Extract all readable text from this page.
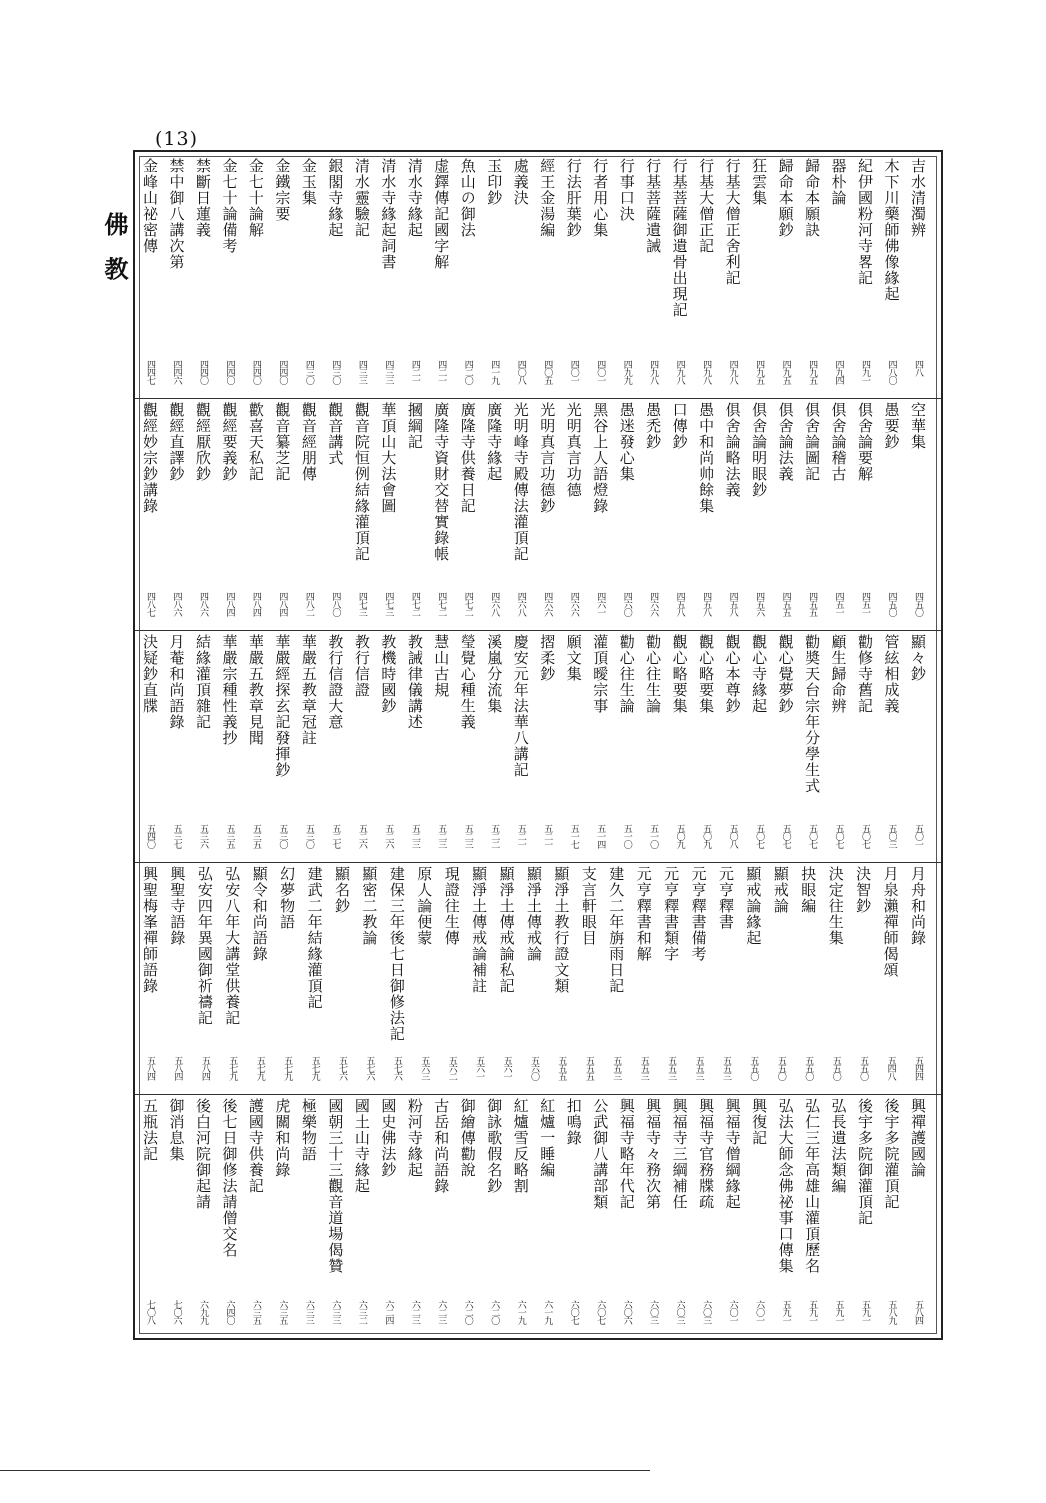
(13)
佛 教
吉水清濁辨
四八
木下川藥師佛像緣起
四八〇
紀伊國粉河寺畧記
四九一
器朴論
四九四
歸命本願訣
四九五
歸命本願鈔
四九五
狂雲集
四九五
行基大僧正舍利記
四九八
行基大僧正記
四九八
行基菩薩御遺骨出現記
四九八
行基菩薩遺誡
四九八
行事口決
四九九
行者用心集
四〇一
行法肝葉鈔
四〇一
經王金湯編
四〇五
處義決
四〇八
玉印鈔
四一九
魚山の御法
四二〇
虚鐸傳記國字解
四二一
清水寺緣起
四二一
清水寺緣起詞書
四三三
清水靈驗記
四三三
銀閣寺緣起
四三〇
金玉集
四三〇
金鐵宗要
四四〇
金七十論解
四四〇
金七十論備考
四四〇
禁斷日蓮義
四四〇
禁中御八講次第
四四六
金峰山祕密傳
四四七
空華集
四五〇
愚要鈔
四五〇
俱舍論要解
四五一
俱舍論稽古
四五一
俱舍論圖記
四五五
俱舍論法義
四五五
俱舍論明眼鈔
四五六
俱舍論略法義
四五八
愚中和尚帅餘集
四五八
口傳鈔
四五八
愚禿鈔
四六六
愚迷發心集
四六〇
黑谷上人語燈錄
四六一
光明真言功德
四六六
光明真言功德鈔
四六六
光明峰寺殿傳法灌頂記
四六八
廣隆寺緣起
四六八
廣隆寺供養日記
四七二
廣隆寺資財交替實錄帳
四七二
摑綱記
四七二
華頂山大法會圖
四七三
觀音院恒例結緣灌頂記
四七三
觀音講式
四八〇
觀音經朋傳
四八二
觀音纂芝記
四八四
歡喜天私記
四八四
觀經要義鈔
四八四
觀經厭欣鈔
四八六
觀經直譯鈔
四八六
觀經妙宗鈔講錄
四八七
顯々鈔
五〇一
管絃相成義
五〇三
勸修寺舊記
五〇七
顧生歸命辨
五〇七
勸奬天台宗年分學生式
五〇七
觀心覺夢鈔
五〇七
觀心寺緣起
五〇七
觀心本尊鈔
五〇八
觀心略要集
五〇九
觀心略要集
五〇九
勸心往生論
五一〇
勸心往生論
五一〇
灌頂曖宗事
五一四
願文集
五一七
摺柔鈔
五二一
慶安元年法華八講記
五二一
溪嵐分流集
五二二
瑩覺心種生義
五二三
慧山古規
五二三
教誡律儀講述
五二三
教機時國鈔
五二六
教行信證
五二六
教行信證大意
五二七
華嚴五教章冠註
五三〇
華嚴經探玄記發揮鈔
五三〇
華嚴五教章見聞
五三五
華嚴宗種性義抄
五三五
結緣灌頂雜記
五三六
月菴和尚語錄
五三七
決疑鈔直牒
五四〇
月舟和尚錄
五四四
月泉瀨禪師偈頌
五四八
決智鈔
五五〇
決定往生集
五五〇
抉眼編
五五〇
顯戒論
五五〇
顯戒論緣起
五五〇
元亨釋書
五五三
元亨釋書備考
五五三
元亨釋書類字
五五三
元亨釋書和解
五五三
建久二年旃雨日記
五五三
支言軒眼目
五五五
顯淨土教行證文類
五五五
顯淨土傳戒論
五六〇
顯淨土傳戒論私記
五六一
顯淨土傳戒論補註
五六一
現證往生傳
五六二
原人論便蒙
五六三
建保三年後七日御修法記
五七六
顯密二教論
五七六
顯名鈔
五七六
建武二年結緣灌頂記
五七九
幻夢物語
五七九
顯令和尚語錄
五七九
弘安八年大講堂供養記
五七九
弘安四年異國御祈禱記
五八四
興聖寺語錄
五八四
興聖梅峯禪師語錄
五八四
興禪護國論
五八四
後宇多院灌頂記
五八九
後宇多院御灌頂記
五九一
弘長遺法類編
五九一
弘仁三年高雄山灌頂歷名
五九一
弘法大師念佛祕事口傳集
五九一
興復記
六〇一
興福寺僧綱緣起
六〇一
興福寺官務牒疏
六〇三
興福寺三綱補任
六〇三
興福寺々務次第
六〇三
興福寺略年代記
六〇六
公武御八講部類
六〇七
扣鳴錄
六〇七
紅爐一睡編
六一九
紅爐雪反略割
六一九
御詠歌假名鈔
六二〇
御繪傳勸說
六二〇
古岳和尚語錄
六二三
粉河寺緣起
六二三
國史佛法鈔
六二四
國土山寺緣起
六三二
國朝三十三觀音道場偈贊
六三三
極樂物語
六三三
虎關和尚錄
六三五
護國寺供養記
六三五
後七日御修法請僧交名
六四〇
後白河院御起請
六九九
御消息集
七〇六
五瓶法記
七〇八
